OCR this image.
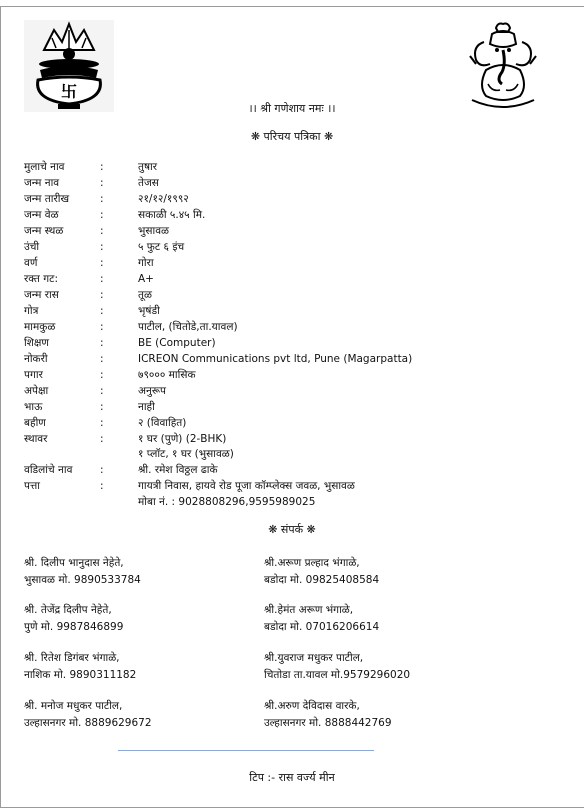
卐
।। श्री गणेशाय नमः ।।
❋ परिचय पत्रिका ❋
मुलाचे नाव	:	तुषार
जन्म नाव	:	तेजस
जन्म तारीख	:	२१/१२/१९९२
जन्म वेळ	:	सकाळी ५.४५ मि.
जन्म स्थळ	:	भुसावळ
उंची	:	५ फुट ६ इंच
वर्ण	:	गोरा
रक्त गट:	:	A+
जन्म रास	:	तूळ
गोत्र	:	भृषंडी
मामकुळ	:	पाटील, (चितोडे,ता.यावल)
शिक्षण	:	BE (Computer)
नोकरी	:	ICREON Communications pvt ltd, Pune (Magarpatta)
पगार	:	७९००० मासिक
अपेक्षा	:	अनुरूप
भाऊ	:	नाही
बहीण	:	२ (विवाहित)
स्थावर	:	१ घर (पुणे) (2-BHK)
१ प्लॉट, १ घर (भुसावळ)
वडिलांचे नाव	:	श्री. रमेश विठ्ठल ढाके
पत्ता	:	गायत्री निवास, हायवे रोड पूजा कॉम्प्लेक्स जवळ, भुसावळ
मोबा नं. : 9028808296,9595989025
❋ संपर्क ❋
श्री. दिलीप भानुदास नेहेते,
भुसावळ मो. 9890533784
श्री.अरूण प्रल्हाद भंगाळे,
बडोदा मो. 09825408584
श्री. तेजेंद्र दिलीप नेहेते,
पुणे मो. 9987846899
श्री.हेमंत अरूण भंगाळे,
बडोदा मो. 07016206614
श्री. रितेश डिगंबर भंगाळे,
नाशिक मो. 9890311182
श्री.युवराज मधुकर पाटील,
चितोडा ता.यावल मो.9579296020
श्री. मनोज मधुकर पाटील,
उल्हासनगर मो. 8889629672
श्री.अरुण देविदास वारके,
उल्हासनगर मो. 8888442769
टिप :- रास वर्ज्य मीन
